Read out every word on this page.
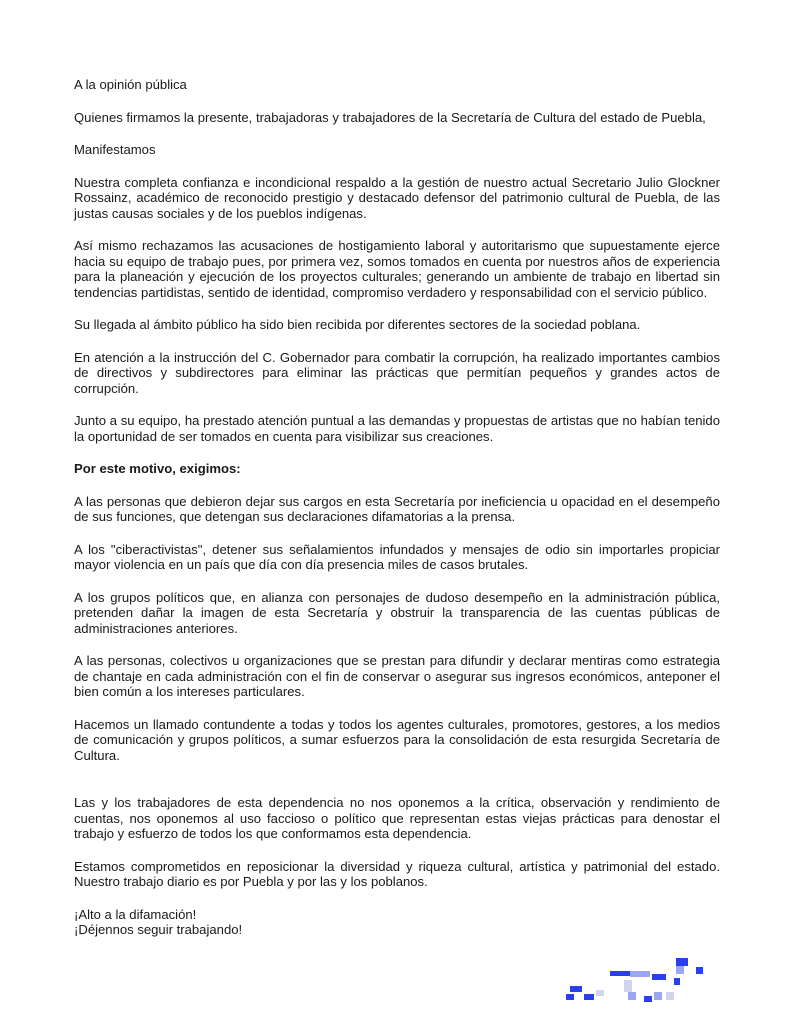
A la opinión pública

Quienes firmamos la presente, trabajadoras y trabajadores de la Secretaría de Cultura del estado de Puebla,

Manifestamos

Nuestra completa confianza e incondicional respaldo a la gestión de nuestro actual Secretario Julio Glockner Rossainz, académico de reconocido prestigio y destacado defensor del patrimonio cultural de Puebla, de las justas causas sociales y de los pueblos indígenas.

Así mismo rechazamos las acusaciones de hostigamiento laboral y autoritarismo que supuestamente ejerce hacia su equipo de trabajo pues, por primera vez, somos tomados en cuenta por nuestros años de experiencia para la planeación y ejecución de los proyectos culturales; generando un ambiente de trabajo en libertad sin tendencias partidistas, sentido de identidad, compromiso verdadero y responsabilidad con el servicio público.

Su llegada al ámbito público ha sido bien recibida por diferentes sectores de la sociedad poblana.

En atención a la instrucción del C. Gobernador para combatir la corrupción, ha realizado importantes cambios de directivos y subdirectores para eliminar las prácticas que permitían pequeños y grandes actos de corrupción.

Junto a su equipo, ha prestado atención puntual a las demandas y propuestas de artistas que no habían tenido la oportunidad de ser tomados en cuenta para visibilizar sus creaciones.

Por este motivo, exigimos:

A las personas que debieron dejar sus cargos en esta Secretaría por ineficiencia u opacidad en el desempeño de sus funciones, que detengan sus declaraciones difamatorias a la prensa.

A los "ciberactivistas", detener sus señalamientos infundados y mensajes de odio sin importarles propiciar mayor violencia en un país que día con día presencia miles de casos brutales.

A los grupos políticos que, en alianza con personajes de dudoso desempeño en la administración pública, pretenden dañar la imagen de esta Secretaría y obstruir la transparencia de las cuentas públicas de administraciones anteriores.

A las personas, colectivos u organizaciones que se prestan para difundir y declarar mentiras como estrategia de chantaje en cada administración con el fin de conservar o asegurar sus ingresos económicos, anteponer el bien común a los intereses particulares.

Hacemos un llamado contundente a todas y todos los agentes culturales, promotores, gestores, a los medios de comunicación y grupos políticos, a sumar esfuerzos para la consolidación de esta resurgida Secretaría de Cultura.

Las y los trabajadores de esta dependencia no nos oponemos a la crítica, observación y rendimiento de cuentas, nos oponemos al uso faccioso o político que representan estas viejas prácticas para denostar el trabajo y esfuerzo de todos los que conformamos esta dependencia.

Estamos comprometidos en reposicionar la diversidad y riqueza cultural, artística y patrimonial del estado. Nuestro trabajo diario es por Puebla y por las y los poblanos.

¡Alto a la difamación!

¡Déjennos seguir trabajando!
